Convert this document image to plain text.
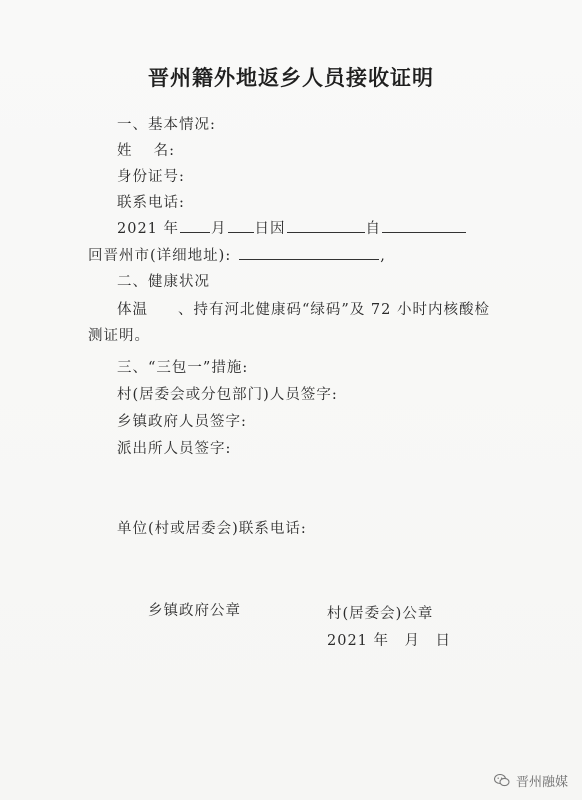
晋州籍外地返乡人员接收证明
一、基本情况:
姓　 名:
身份证号:
联系电话:
2021 年 月 日因	自
回晋州市(详细地址):	,
二、健康状况
体温 、持有河北健康码“绿码”及 72 小时内核酸检
测证明。
三、“三包一”措施:
村(居委会或分包部门)人员签字:
乡镇政府人员签字:
派出所人员签字:
单位(村或居委会)联系电话:
乡镇政府公章	村(居委会)公章
2021 年　月　日
晋州融媒
